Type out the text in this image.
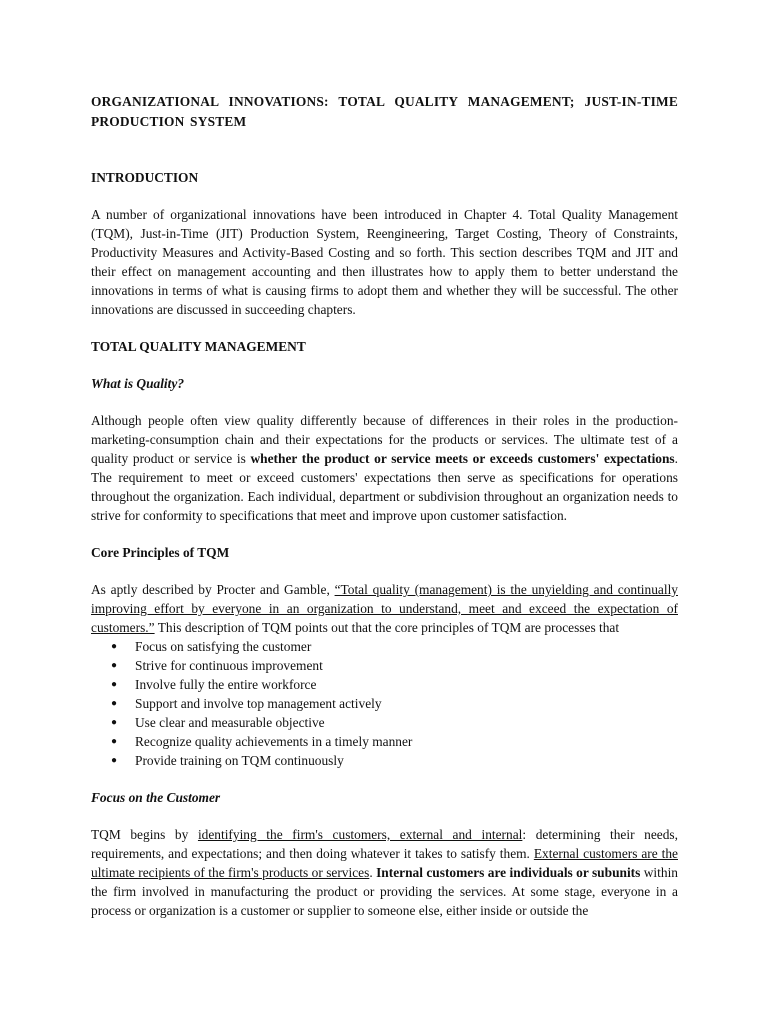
ORGANIZATIONAL INNOVATIONS: TOTAL QUALITY MANAGEMENT; JUST-IN-TIME PRODUCTION SYSTEM
INTRODUCTION

A number of organizational innovations have been introduced in Chapter 4. Total Quality Management (TQM), Just-in-Time (JIT) Production System, Reengineering, Target Costing, Theory of Constraints, Productivity Measures and Activity-Based Costing and so forth. This section describes TQM and JIT and their effect on management accounting and then illustrates how to apply them to better understand the innovations in terms of what is causing firms to adopt them and whether they will be successful. The other innovations are discussed in succeeding chapters.

TOTAL QUALITY MANAGEMENT
What is Quality?

Although people often view quality differently because of differences in their roles in the production-marketing-consumption chain and their expectations for the products or services. The ultimate test of a quality product or service is whether the product or service meets or exceeds customers' expectations. The requirement to meet or exceed customers' expectations then serve as specifications for operations throughout the organization. Each individual, department or subdivision throughout an organization needs to strive for conformity to specifications that meet and improve upon customer satisfaction.

Core Principles of TQM

As aptly described by Procter and Gamble, “Total quality (management) is the unyielding and continually improving effort by everyone in an organization to understand, meet and exceed the expectation of customers.” This description of TQM points out that the core principles of TQM are processes that

● Focus on satisfying the customer
● Strive for continuous improvement
● Involve fully the entire workforce
● Support and involve top management actively
● Use clear and measurable objective
● Recognize quality achievements in a timely manner
● Provide training on TQM continuously
Focus on the Customer

TQM begins by identifying the firm's customers, external and internal: determining their needs, requirements, and expectations; and then doing whatever it takes to satisfy them. External customers are the ultimate recipients of the firm's products or services. Internal customers are individuals or subunits within the firm involved in manufacturing the product or providing the services. At some stage, everyone in a process or organization is a customer or supplier to someone else, either inside or outside the
